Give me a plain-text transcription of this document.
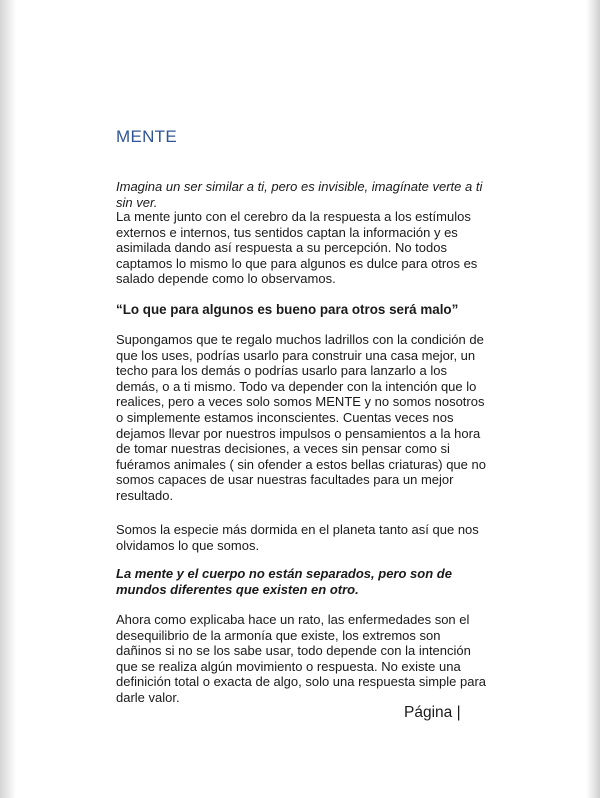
MENTE

Imagina un ser similar a ti, pero es invisible, imagínate verte a ti sin ver.

La mente junto con el cerebro da la respuesta a los estímulos externos e internos, tus sentidos captan la información y es asimilada dando así respuesta a su percepción. No todos captamos lo mismo lo que para algunos es dulce para otros es salado depende como lo observamos.

“Lo que para algunos es bueno para otros será malo”

Supongamos que te regalo muchos ladrillos con la condición de que los uses, podrías usarlo para construir una casa mejor, un techo para los demás o podrías usarlo para lanzarlo a los demás, o a ti mismo. Todo va depender con la intención que lo realices, pero a veces solo somos MENTE y no somos nosotros o simplemente estamos inconscientes. Cuentas veces nos dejamos llevar por nuestros impulsos o pensamientos a la hora de tomar nuestras decisiones, a veces sin pensar como si fuéramos animales ( sin ofender a estos bellas criaturas) que no somos capaces de usar nuestras facultades para un mejor resultado.

Somos la especie más dormida en el planeta tanto así que nos olvidamos lo que somos.

La mente y el cuerpo no están separados, pero son de mundos diferentes que existen en otro.

Ahora como explicaba hace un rato, las enfermedades son el desequilibrio de la armonía que existe, los extremos son dañinos si no se los sabe usar, todo depende con la intención que se realiza algún movimiento o respuesta. No existe una definición total o exacta de algo, solo una respuesta simple para darle valor.

Página |
